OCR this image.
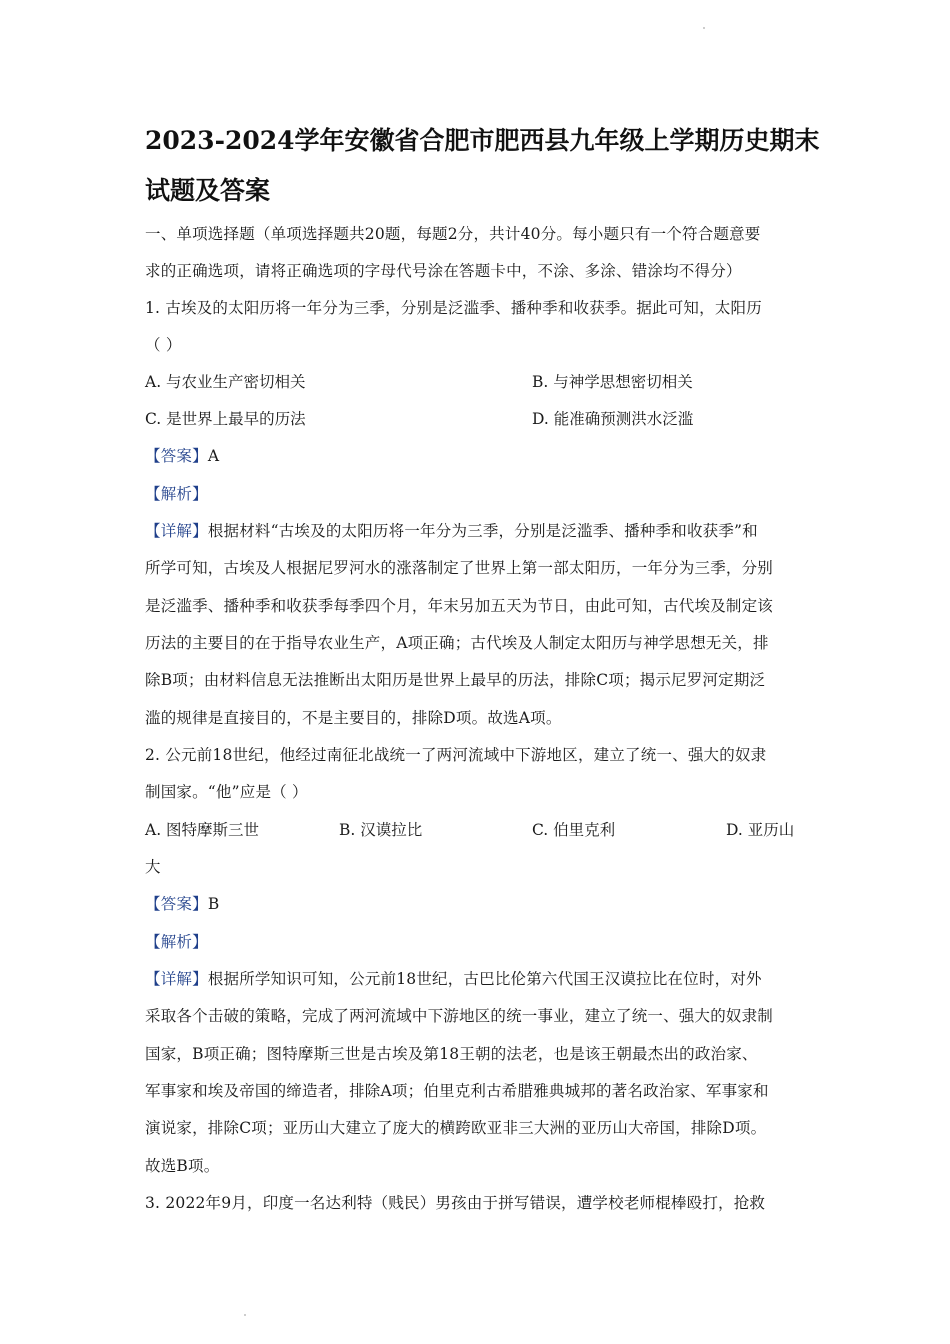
2023-2024学年安徽省合肥市肥西县九年级上学期历史期末
试题及答案
一、单项选择题（单项选择题共20题，每题2分，共计40分。每小题只有一个符合题意要
求的正确选项，请将正确选项的字母代号涂在答题卡中，不涂、多涂、错涂均不得分）
1. 古埃及的太阳历将一年分为三季，分别是泛滥季、播种季和收获季。据此可知，太阳历
（ ）
A. 与农业生产密切相关	B. 与神学思想密切相关
C. 是世界上最早的历法	D. 能准确预测洪水泛滥
【答案】A
【解析】
【详解】根据材料“古埃及的太阳历将一年分为三季，分别是泛滥季、播种季和收获季”和
所学可知，古埃及人根据尼罗河水的涨落制定了世界上第一部太阳历，一年分为三季，分别
是泛滥季、播种季和收获季每季四个月，年末另加五天为节日，由此可知，古代埃及制定该
历法的主要目的在于指导农业生产，A项正确；古代埃及人制定太阳历与神学思想无关，排
除B项；由材料信息无法推断出太阳历是世界上最早的历法，排除C项；揭示尼罗河定期泛
滥的规律是直接目的，不是主要目的，排除D项。故选A项。
2. 公元前18世纪，他经过南征北战统一了两河流域中下游地区，建立了统一、强大的奴隶
制国家。“他”应是（ ）
A. 图特摩斯三世	B. 汉谟拉比	C. 伯里克利	D. 亚历山
大
【答案】B
【解析】
【详解】根据所学知识可知，公元前18世纪，古巴比伦第六代国王汉谟拉比在位时，对外
采取各个击破的策略，完成了两河流域中下游地区的统一事业，建立了统一、强大的奴隶制
国家，B项正确；图特摩斯三世是古埃及第18王朝的法老，也是该王朝最杰出的政治家、
军事家和埃及帝国的缔造者，排除A项；伯里克利古希腊雅典城邦的著名政治家、军事家和
演说家，排除C项；亚历山大建立了庞大的横跨欧亚非三大洲的亚历山大帝国，排除D项。
故选B项。
3. 2022年9月，印度一名达利特（贱民）男孩由于拼写错误，遭学校老师棍棒殴打，抢救
